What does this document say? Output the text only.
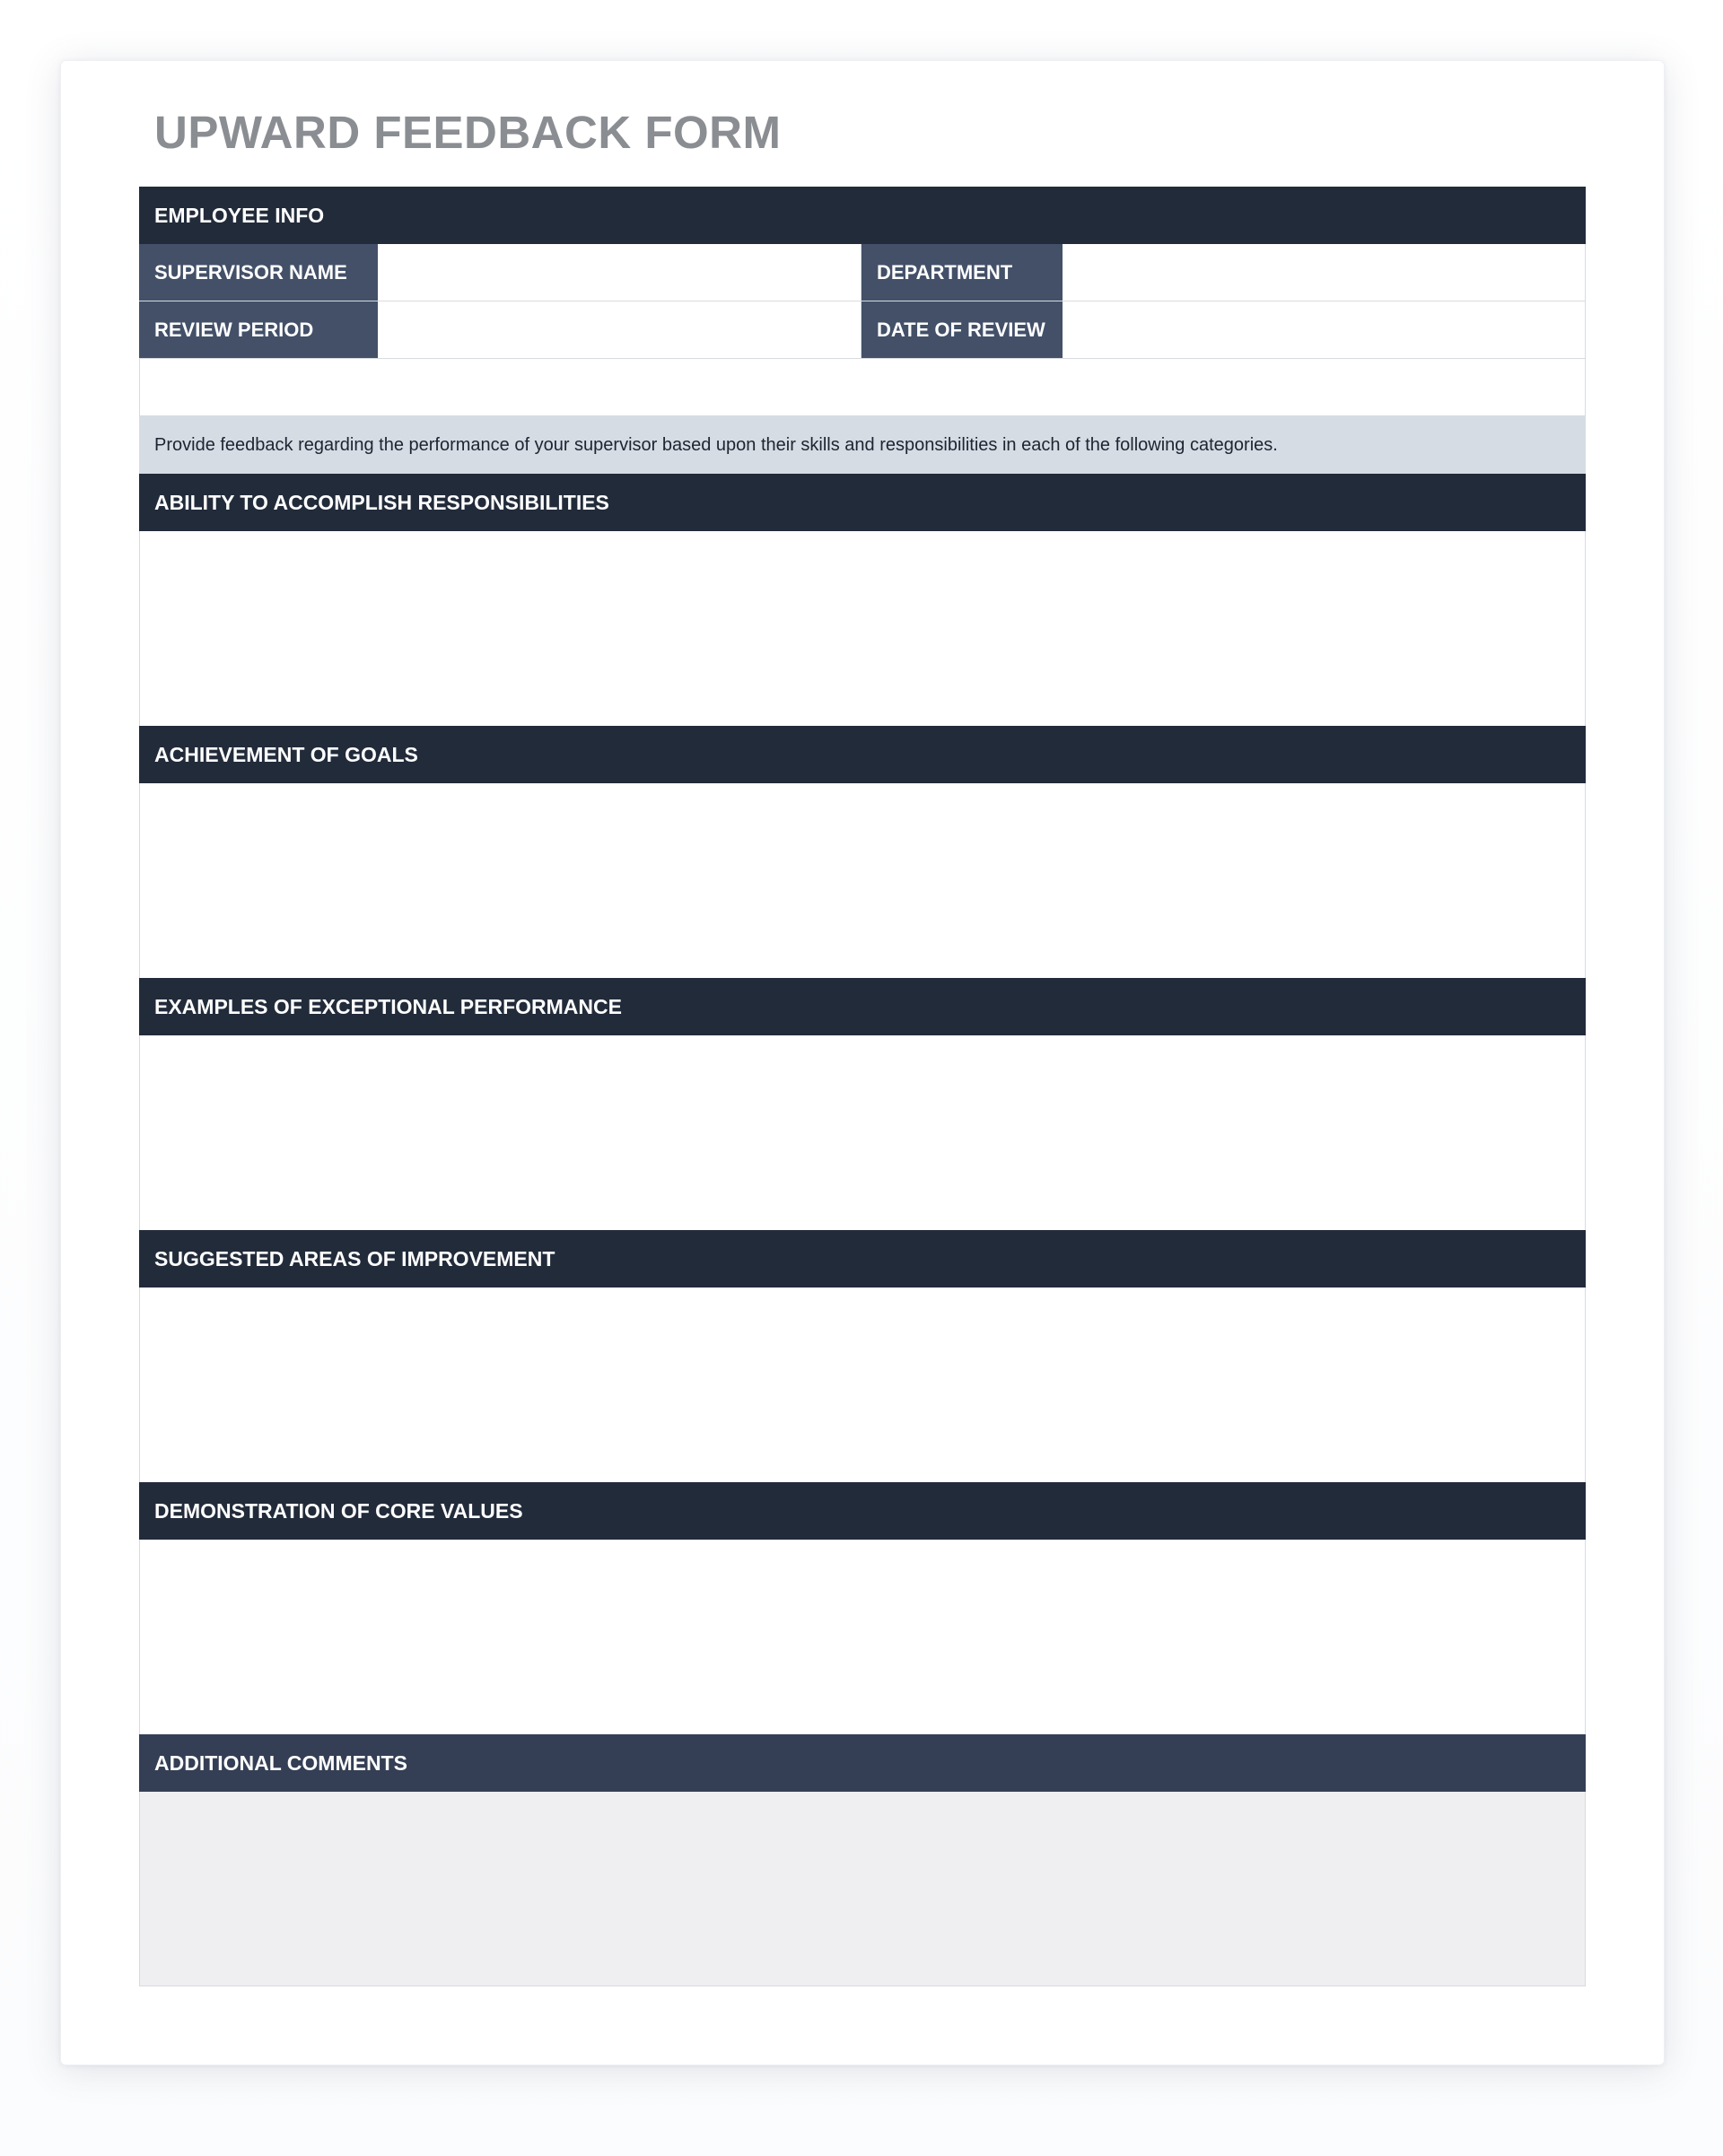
UPWARD FEEDBACK FORM
EMPLOYEE INFO
SUPERVISOR NAME	DEPARTMENT
REVIEW PERIOD	DATE OF REVIEW
Provide feedback regarding the performance of your supervisor based upon their skills and responsibilities in each of the following categories.
ABILITY TO ACCOMPLISH RESPONSIBILITIES
ACHIEVEMENT OF GOALS
EXAMPLES OF EXCEPTIONAL PERFORMANCE
SUGGESTED AREAS OF IMPROVEMENT
DEMONSTRATION OF CORE VALUES
ADDITIONAL COMMENTS
